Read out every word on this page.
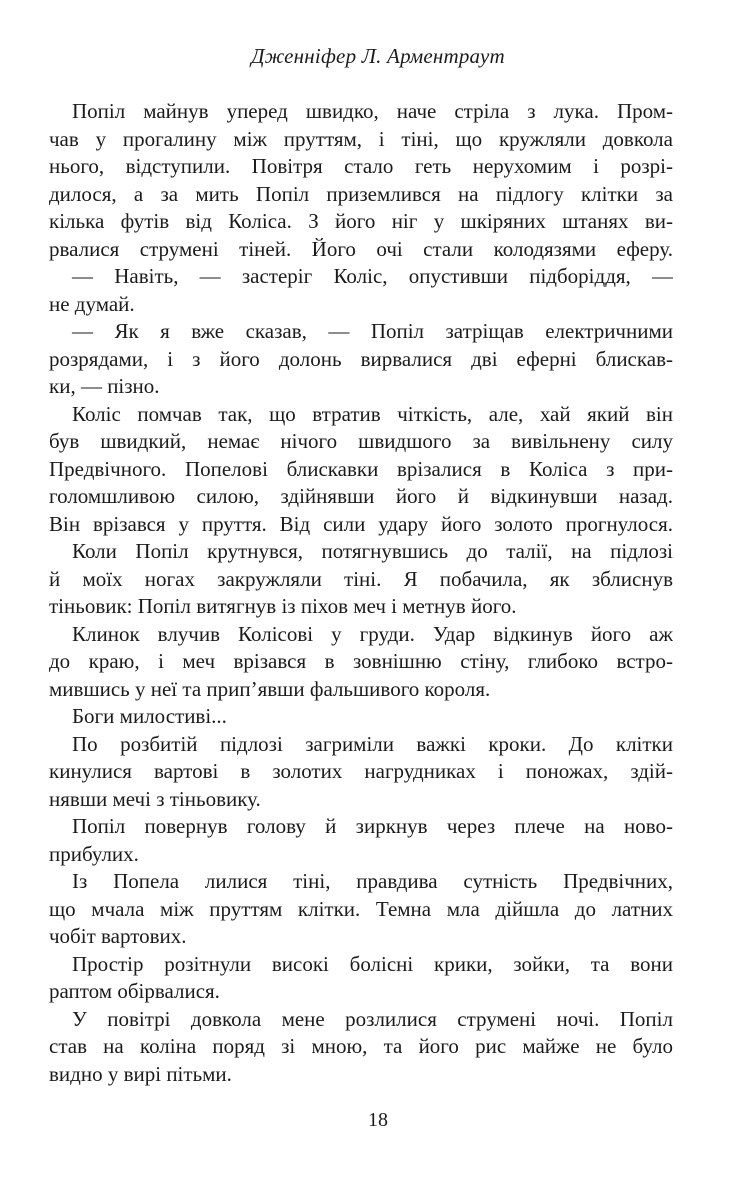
Дженніфер Л. Арментраут
Попіл майнув уперед швидко, наче стріла з лука. Пром-
чав у прогалину між пруттям, і тіні, що кружляли довкола
нього, відступили. Повітря стало геть нерухомим і розрі-
дилося, а за мить Попіл приземлився на підлогу клітки за
кілька футів від Коліса. З його ніг у шкіряних штанях ви-
рвалися струмені тіней. Його очі стали колодязями еферу.
— Навіть, — застеріг Коліс, опустивши підборіддя, —
не думай.
— Як я вже сказав, — Попіл затріщав електричними
розрядами, і з його долонь вирвалися дві еферні блискав-
ки, — пізно.
Коліс помчав так, що втратив чіткість, але, хай який він
був швидкий, немає нічого швидшого за вивільнену силу
Предвічного. Попелові блискавки врізалися в Коліса з при-
голомшливою силою, здійнявши його й відкинувши назад.
Він врізався у пруття. Від сили удару його золото прогнулося.
Коли Попіл крутнувся, потягнувшись до талії, на підлозі
й моїх ногах закружляли тіні. Я побачила, як зблиснув
тіньовик: Попіл витягнув із піхов меч і метнув його.
Клинок влучив Колісові у груди. Удар відкинув його аж
до краю, і меч врізався в зовнішню стіну, глибоко встро-
мившись у неї та прип’явши фальшивого короля.
Боги милостиві...
По розбитій підлозі загриміли важкі кроки. До клітки
кинулися вартові в золотих нагрудниках і поножах, здій-
нявши мечі з тіньовику.
Попіл повернув голову й зиркнув через плече на ново-
прибулих.
Із Попела лилися тіні, правдива сутність Предвічних,
що мчала між пруттям клітки. Темна мла дійшла до латних
чобіт вартових.
Простір розітнули високі болісні крики, зойки, та вони
раптом обірвалися.
У повітрі довкола мене розлилися струмені ночі. Попіл
став на коліна поряд зі мною, та його рис майже не було
видно у вирі пітьми.
18
